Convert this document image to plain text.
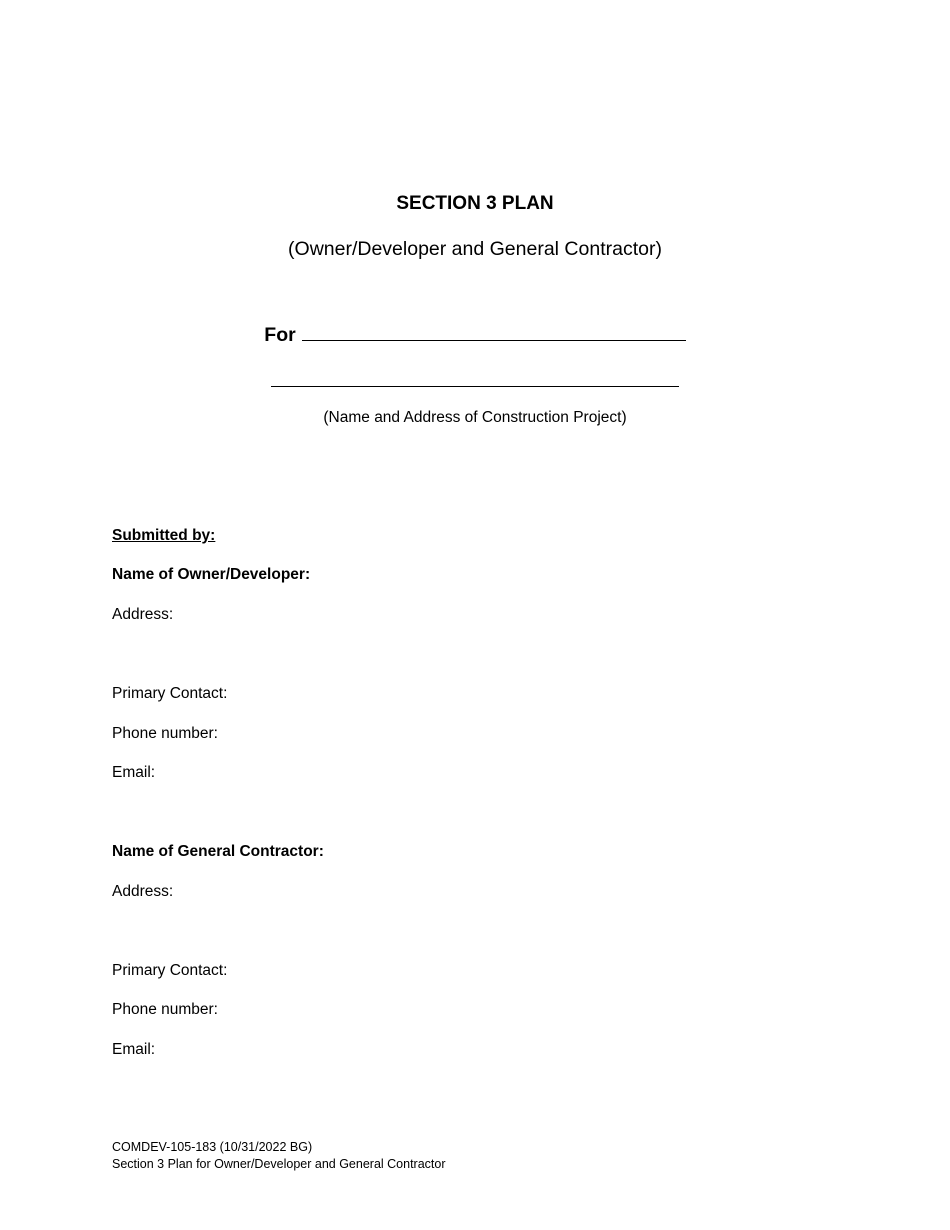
SECTION 3 PLAN
(Owner/Developer and General Contractor)
For
(Name and Address of Construction Project)
Submitted by:
Name of Owner/Developer:
Address:
Primary Contact:
Phone number:
Email:
Name of General Contractor:
Address:
Primary Contact:
Phone number:
Email:
COMDEV-105-183 (10/31/2022 BG)
Section 3 Plan for Owner/Developer and General Contractor
